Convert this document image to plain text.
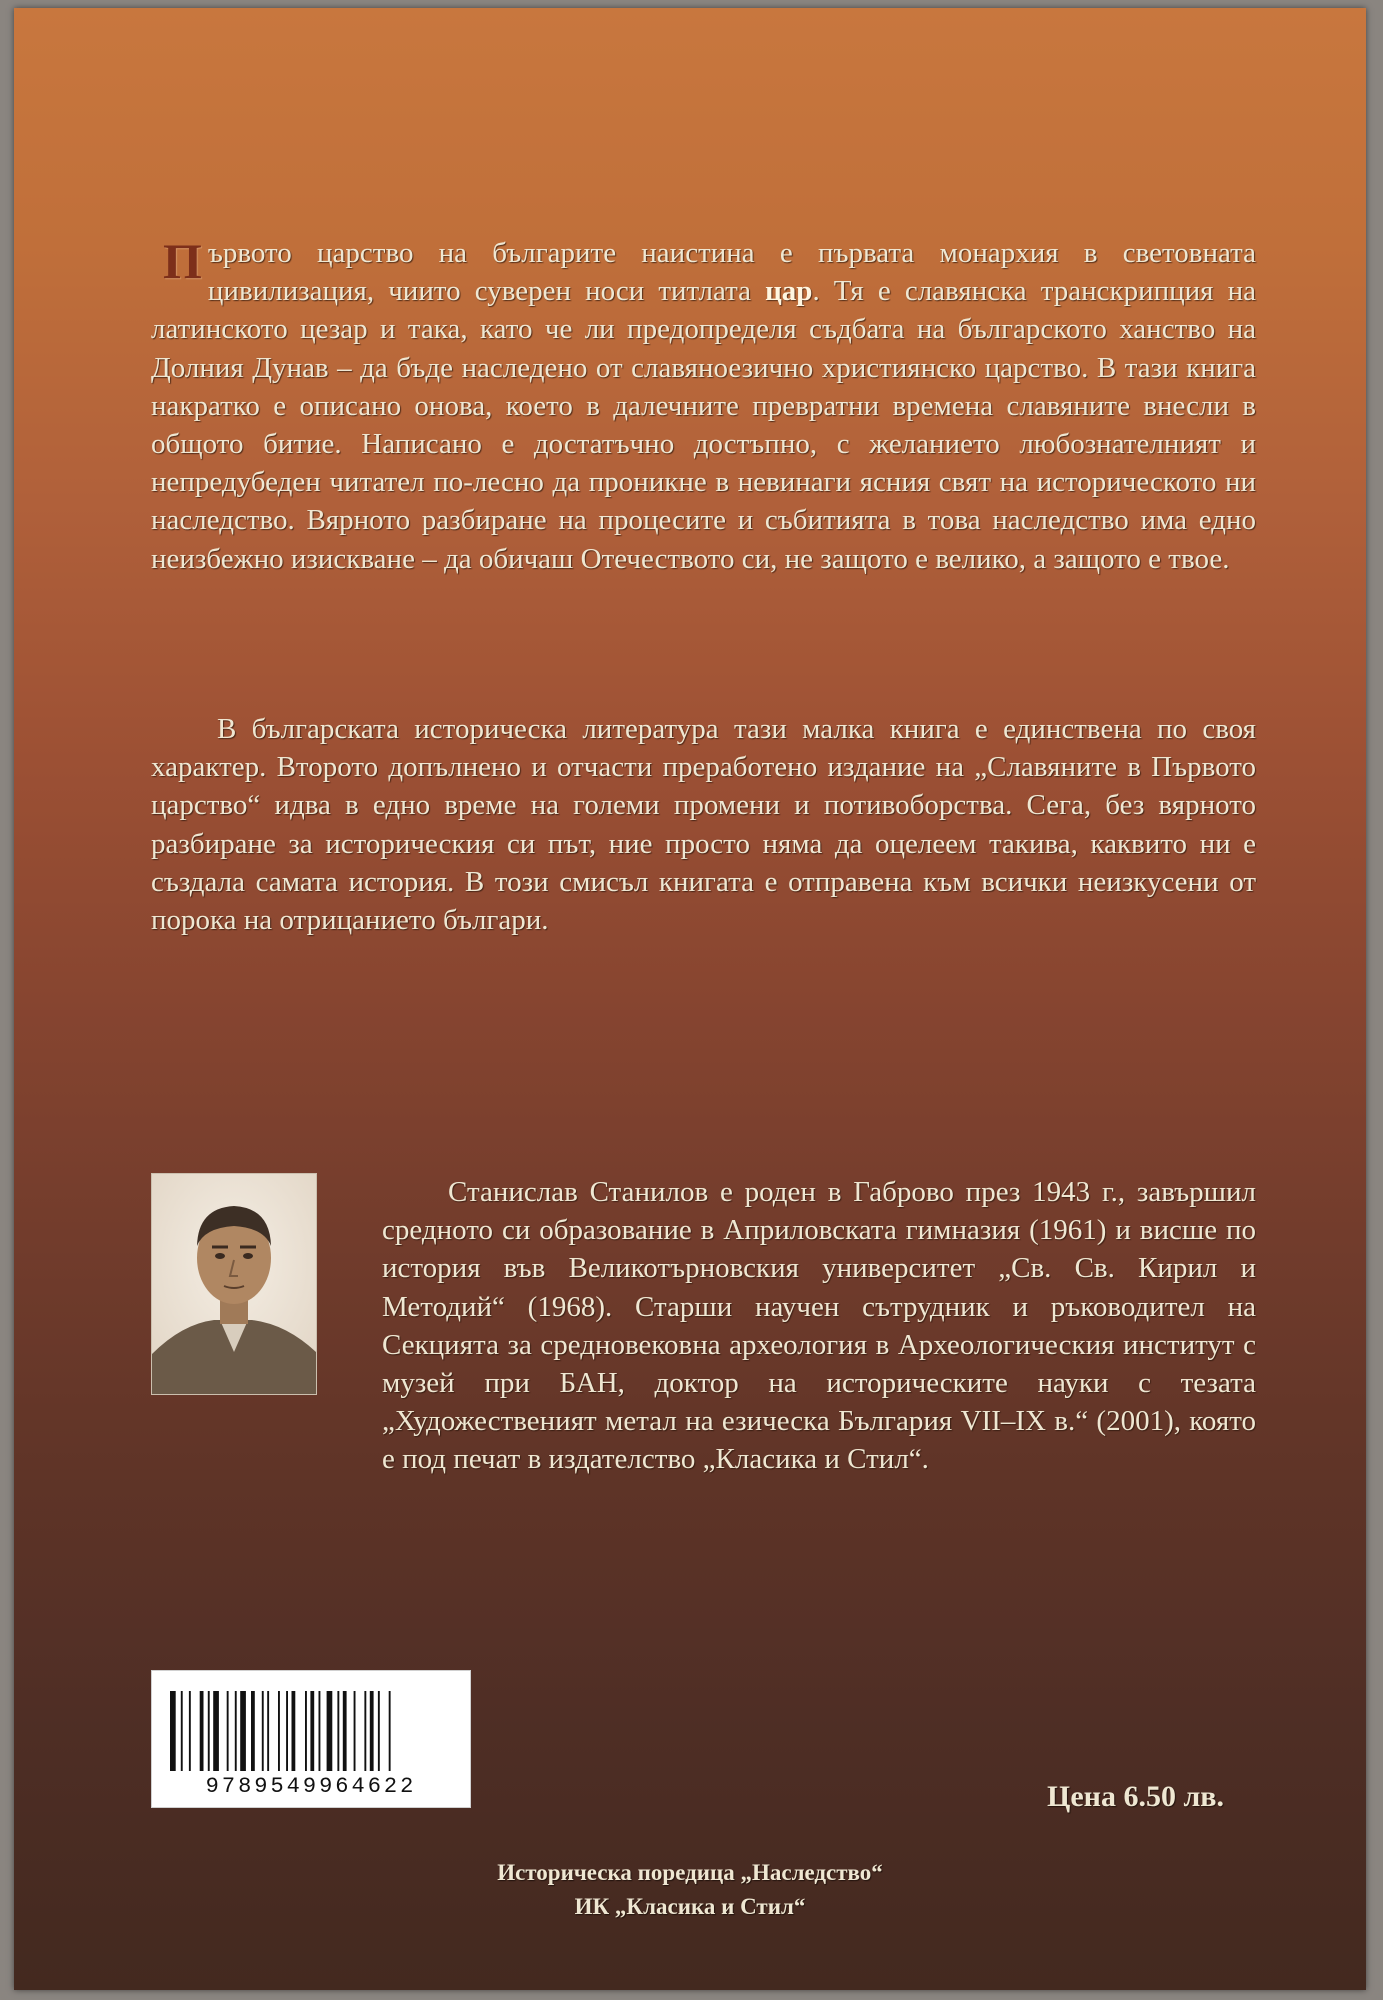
Първото царство на българите наистина е първата монархия в световната цивилизация, чиито суверен носи титлата цар. Тя е славянска транскрипция на латинското цезар и така, като че ли предопределя съдбата на българското ханство на Долния Дунав – да бъде наследено от славяноезично християнско царство. В тази книга накратко е описано онова, което в далечните превратни времена славяните внесли в общото битие. Написано е достатъчно достъпно, с желанието любознателният и непредубеден читател по-лесно да проникне в невинаги ясния свят на историческото ни наследство. Вярното разбиране на процесите и събитията в това наследство има едно неизбежно изискване – да обичаш Отечеството си, не защото е велико, а защото е твое.

В българската историческа литература тази малка книга е единствена по своя характер. Второто допълнено и отчасти преработено издание на „Славяните в Първото царство“ идва в едно време на големи промени и потивоборства. Сега, без вярното разбиране за историческия си път, ние просто няма да оцелеем такива, каквито ни е създала самата история. В този смисъл книгата е отправена към всички неизкусени от порока на отрицанието българи.

Станислав Станилов е роден в Габрово през 1943 г., завършил средното си образование в Априловската гимназия (1961) и висше по история във Великотърновския университет „Св. Св. Кирил и Методий“ (1968). Старши научен сътрудник и ръководител на Секцията за средновековна археология в Археологическия институт с музей при БАН, доктор на историческите науки с тезата „Художественият метал на езическа България VII–IX в.“ (2001), която е под печат в издателство „Класика и Стил“.

9789549964622	Цена 6.50 лв.
Историческа поредица „Наследство“
ИК „Класика и Стил“
